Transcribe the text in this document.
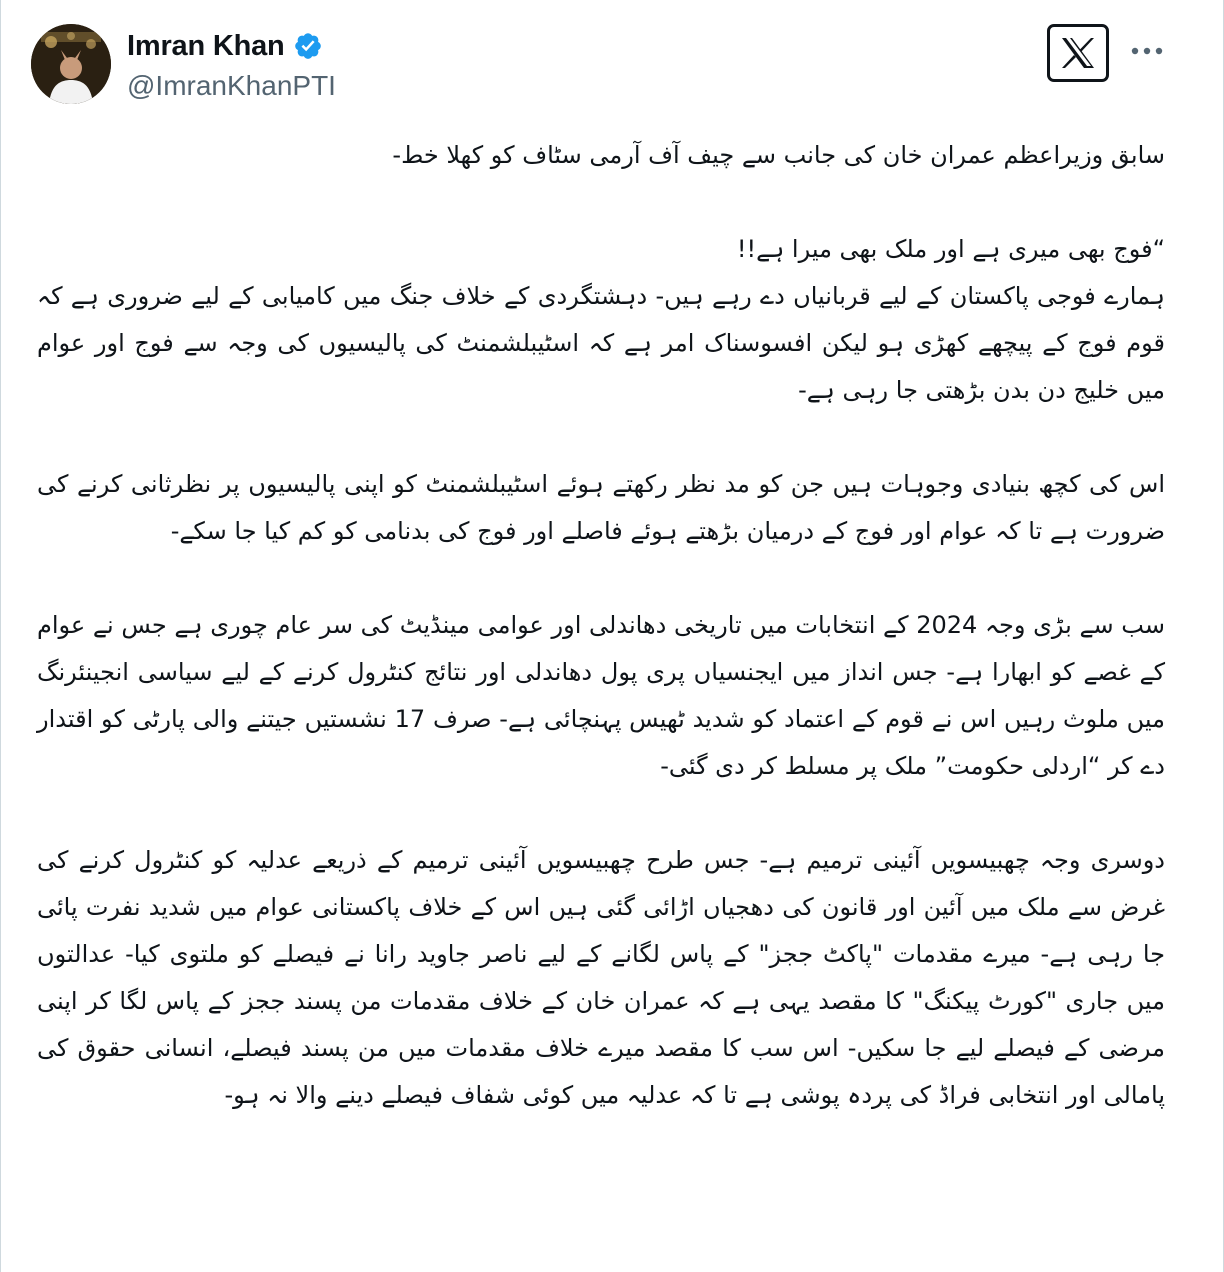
Imran Khan
@ImranKhanPTI

سابق وزیراعظم عمران خان کی جانب سے چیف آف آرمی سٹاف کو کھلا خط-

“فوج بھی میری ہے اور ملک بھی میرا ہے!!
ہمارے فوجی پاکستان کے لیے قربانیاں دے رہے ہیں- دہشتگردی کے خلاف جنگ میں کامیابی کے لیے ضروری ہے کہ قوم فوج کے پیچھے کھڑی ہو لیکن افسوسناک امر ہے کہ اسٹیبلشمنٹ کی پالیسیوں کی وجہ سے فوج اور عوام میں خلیج دن بدن بڑھتی جا رہی ہے-

اس کی کچھ بنیادی وجوہات ہیں جن کو مد نظر رکھتے ہوئے اسٹیبلشمنٹ کو اپنی پالیسیوں پر نظرثانی کرنے کی ضرورت ہے تا کہ عوام اور فوج کے درمیان بڑھتے ہوئے فاصلے اور فوج کی بدنامی کو کم کیا جا سکے-

سب سے بڑی وجہ 2024 کے انتخابات میں تاریخی دھاندلی اور عوامی مینڈیٹ کی سر عام چوری ہے جس نے عوام کے غصے کو ابھارا ہے- جس انداز میں ایجنسیاں پری پول دھاندلی اور نتائج کنٹرول کرنے کے لیے سیاسی انجینئرنگ میں ملوث رہیں اس نے قوم کے اعتماد کو شدید ٹھیس پہنچائی ہے- صرف 17 نشستیں جیتنے والی پارٹی کو اقتدار دے کر “اردلی حکومت” ملک پر مسلط کر دی گئی-

دوسری وجہ چھبیسویں آئینی ترمیم ہے- جس طرح چھبیسویں آئینی ترمیم کے ذریعے عدلیہ کو کنٹرول کرنے کی غرض سے ملک میں آئین اور قانون کی دھجیاں اڑائی گئی ہیں اس کے خلاف پاکستانی عوام میں شدید نفرت پائی جا رہی ہے- میرے مقدمات "پاکٹ ججز" کے پاس لگانے کے لیے ناصر جاوید رانا نے فیصلے کو ملتوی کیا- عدالتوں میں جاری "کورٹ پیکنگ" کا مقصد یہی ہے کہ عمران خان کے خلاف مقدمات من پسند ججز کے پاس لگا کر اپنی مرضی کے فیصلے لیے جا سکیں- اس سب کا مقصد میرے خلاف مقدمات میں من پسند فیصلے، انسانی حقوق کی پامالی اور انتخابی فراڈ کی پردہ پوشی ہے تا کہ عدلیہ میں کوئی شفاف فیصلے دینے والا نہ ہو-
